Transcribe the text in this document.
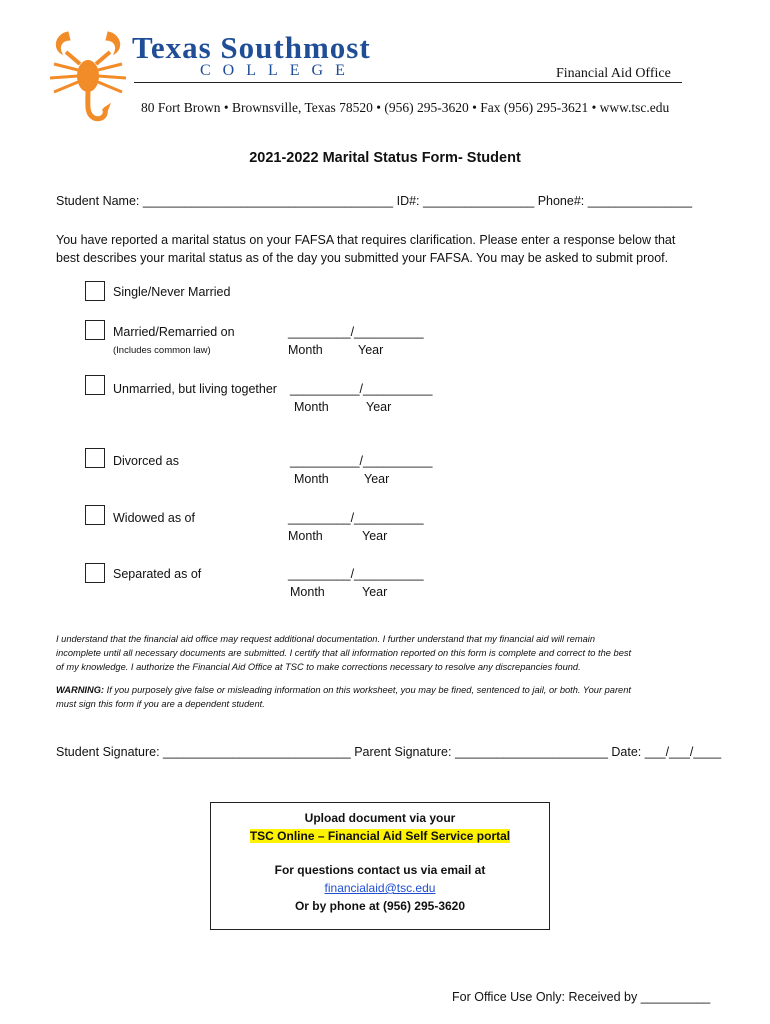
Texas Southmost
COLLEGE	Financial Aid Office
80 Fort Brown • Brownsville, Texas 78520 • (956) 295-3620 • Fax (956) 295-3621 • www.tsc.edu
2021-2022 Marital Status Form- Student
Student Name: ____________________________________ ID#: ________________ Phone#: _______________
You have reported a marital status on your FAFSA that requires clarification. Please enter a response below that
best describes your marital status as of the day you submitted your FAFSA. You may be asked to submit proof.
Single/Never Married
Married/Remarried on
(Includes common law)
_________/__________
Month	Year
Unmarried, but living together __________/__________
Month	Year
Divorced as	__________/__________
Month	Year
Widowed as of	_________/__________
Month	Year
Separated as of	_________/__________
Month	Year
I understand that the financial aid office may request additional documentation. I further understand that my financial aid will remain
incomplete until all necessary documents are submitted. I certify that all information reported on this form is complete and correct to the best
of my knowledge. I authorize the Financial Aid Office at TSC to make corrections necessary to resolve any discrepancies found.
WARNING: If you purposely give false or misleading information on this worksheet, you may be fined, sentenced to jail, or both. Your parent
must sign this form if you are a dependent student.
Student Signature: ___________________________ Parent Signature: ______________________ Date: ___/___/____
Upload document via your
TSC Online – Financial Aid Self Service portal
For questions contact us via email at
financialaid@tsc.edu
Or by phone at (956) 295-3620
For Office Use Only: Received by __________
